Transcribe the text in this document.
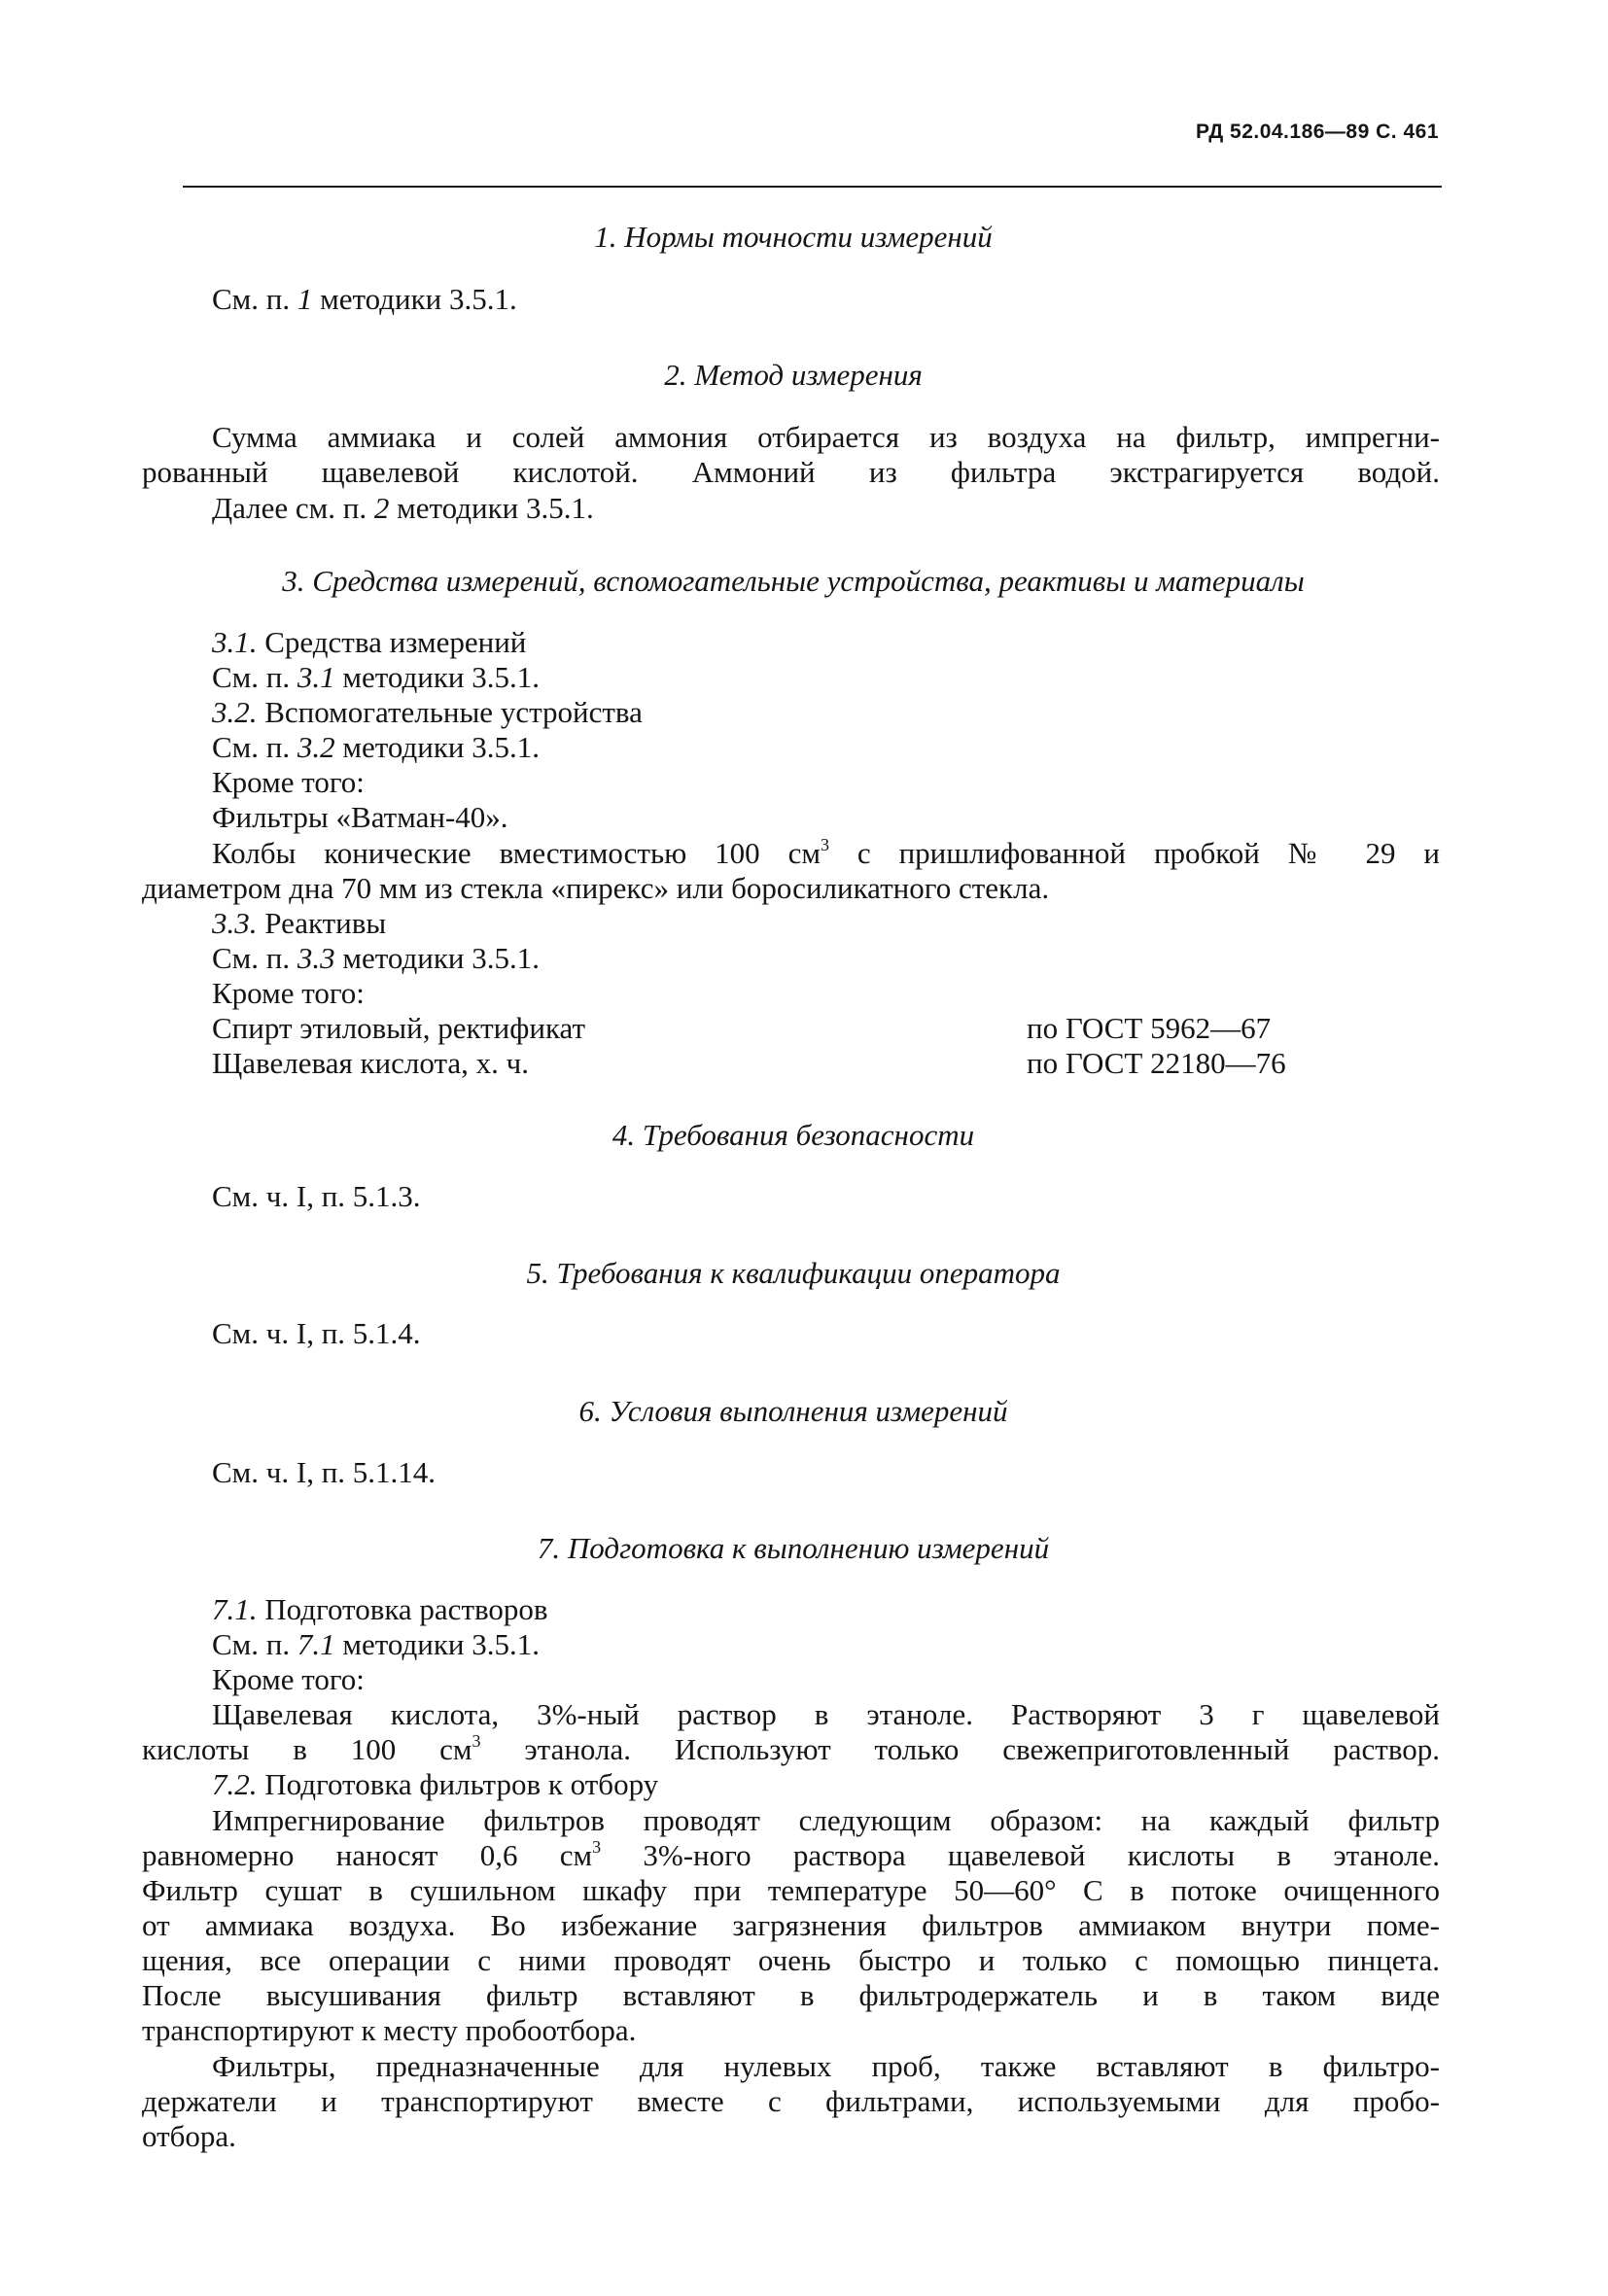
РД 52.04.186—89 С. 461
1. Нормы точности измерений
См. п. 1 методики 3.5.1.
2. Метод измерения
Сумма аммиака и солей аммония отбирается из воздуха на фильтр, импрегни-
рованный щавелевой кислотой. Аммоний из фильтра экстрагируется водой.
Далее см. п. 2 методики 3.5.1.
3. Средства измерений, вспомогательные устройства, реактивы и материалы
3.1. Средства измерений
См. п. 3.1 методики 3.5.1.
3.2. Вспомогательные устройства
См. п. 3.2 методики 3.5.1.
Кроме того:
Фильтры «Ватман-40».
Колбы конические вместимостью 100 $см^3$ с пришлифованной пробкой № 29 и
диаметром дна 70 мм из стекла «пирекс» или боросиликатного стекла.
3.3. Реактивы
См. п. 3.3 методики 3.5.1.
Кроме того:
Спирт этиловый, ректификат	по ГОСТ 5962—67
Щавелевая кислота, х. ч.	по ГОСТ 22180—76
4. Требования безопасности
См. ч. I, п. 5.1.3.
5. Требования к квалификации оператора
См. ч. I, п. 5.1.4.
6. Условия выполнения измерений
См. ч. I, п. 5.1.14.
7. Подготовка к выполнению измерений
7.1. Подготовка растворов
См. п. 7.1 методики 3.5.1.
Кроме того:
Щавелевая кислота, 3%-ный раствор в этаноле. Растворяют 3 г щавелевой
кислоты в 100 $см^3$ этанола. Используют только свежеприготовленный раствор.
7.2. Подготовка фильтров к отбору
Импрегнирование фильтров проводят следующим образом: на каждый фильтр
равномерно наносят 0,6 $см^3$ 3%-ного раствора щавелевой кислоты в этаноле.
Фильтр сушат в сушильном шкафу при температуре 50—60° С в потоке очищенного
от аммиака воздуха. Во избежание загрязнения фильтров аммиаком внутри поме-
щения, все операции с ними проводят очень быстро и только с помощью пинцета.
После высушивания фильтр вставляют в фильтродержатель и в таком виде
транспортируют к месту пробоотбора.
Фильтры, предназначенные для нулевых проб, также вставляют в фильтро-
держатели и транспортируют вместе с фильтрами, используемыми для пробо-
отбора.
